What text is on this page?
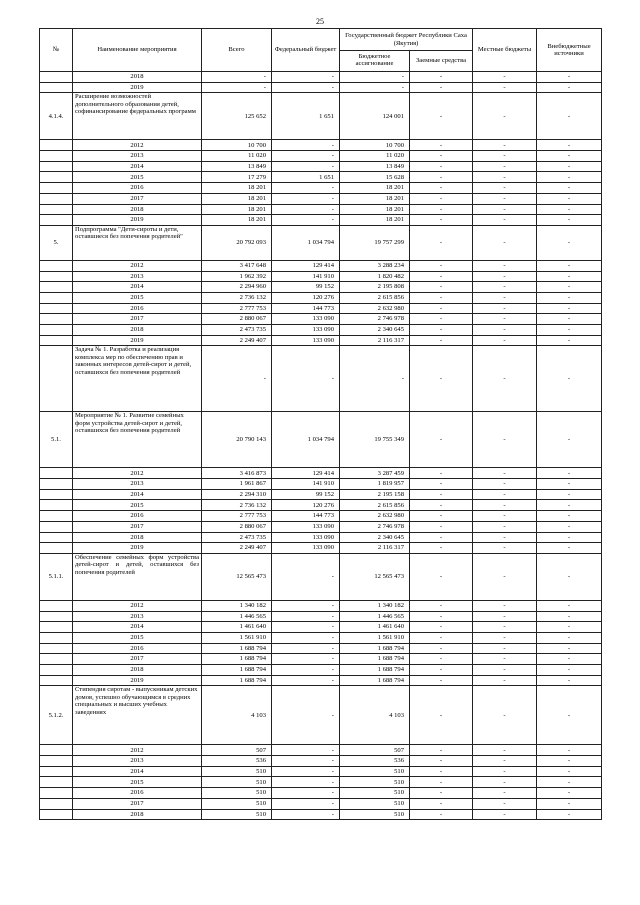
25
№	Наименование мероприятия	Всего	Федеральный бюджет	Государственный бюджет Республики Саха (Якутия)		Местные бюджеты	Внебюджетные источники
				Бюджетное ассигнование	Заемные средства		
	2018	-	-	-	-	-	-
	2019	-	-	-	-	-	-
4.1.4.	Расширение возможностей дополнительного образования детей, софинансирование федеральных программ	125 652	1 651	124 001	-	-	-
	2012	10 700	-	10 700	-	-	-
	2013	11 020	-	11 020	-	-	-
	2014	13 849	-	13 849	-	-	-
	2015	17 279	1 651	15 628	-	-	-
	2016	18 201	-	18 201	-	-	-
	2017	18 201	-	18 201	-	-	-
	2018	18 201	-	18 201	-	-	-
	2019	18 201	-	18 201	-	-	-
5.	Подпрограмма "Дети-сироты и дети, оставшиеся без попечения родителей"	20 792 093	1 034 794	19 757 299	-	-	-
	2012	3 417 648	129 414	3 288 234	-	-	-
	2013	1 962 392	141 910	1 820 482	-	-	-
	2014	2 294 960	99 152	2 195 808	-	-	-
	2015	2 736 132	120 276	2 615 856	-	-	-
	2016	2 777 753	144 773	2 632 980	-	-	-
	2017	2 880 067	133 090	2 746 978	-	-	-
	2018	2 473 735	133 090	2 340 645	-	-	-
	2019	2 249 407	133 090	2 116 317	-	-	-
	Задача № 1. Разработка и реализация комплекса мер по обеспечению прав и законных интересов детей-сирот и детей, оставшихся без попечения родителей	-	-	-	-	-	-
5.1.	Мероприятие № 1. Развитие семейных форм устройства детей-сирот и детей, оставшихся без попечения родителей	20 790 143	1 034 794	19 755 349	-	-	-
	2012	3 416 873	129 414	3 287 459	-	-	-
	2013	1 961 867	141 910	1 819 957	-	-	-
	2014	2 294 310	99 152	2 195 158	-	-	-
	2015	2 736 132	120 276	2 615 856	-	-	-
	2016	2 777 753	144 773	2 632 980	-	-	-
	2017	2 880 067	133 090	2 746 978	-	-	-
	2018	2 473 735	133 090	2 340 645	-	-	-
	2019	2 249 407	133 090	2 116 317	-	-	-
5.1.1.	Обеспечение семейных форм устройства детей-сирот и детей, оставшихся без попечения родителей	12 565 473	-	12 565 473	-	-	-
	2012	1 340 182	-	1 340 182	-	-	-
	2013	1 446 565	-	1 446 565	-	-	-
	2014	1 461 640	-	1 461 640	-	-	-
	2015	1 561 910	-	1 561 910	-	-	-
	2016	1 688 794	-	1 688 794	-	-	-
	2017	1 688 794	-	1 688 794	-	-	-
	2018	1 688 794	-	1 688 794	-	-	-
	2019	1 688 794	-	1 688 794	-	-	-
5.1.2.	Стипендия сиротам - выпускникам детских домов, успешно обучающимся в средних специальных и высших учебных заведениях	4 103	-	4 103	-	-	-
	2012	507	-	507	-	-	-
	2013	536	-	536	-	-	-
	2014	510	-	510	-	-	-
	2015	510	-	510	-	-	-
	2016	510	-	510	-	-	-
	2017	510	-	510	-	-	-
	2018	510	-	510	-	-	-
